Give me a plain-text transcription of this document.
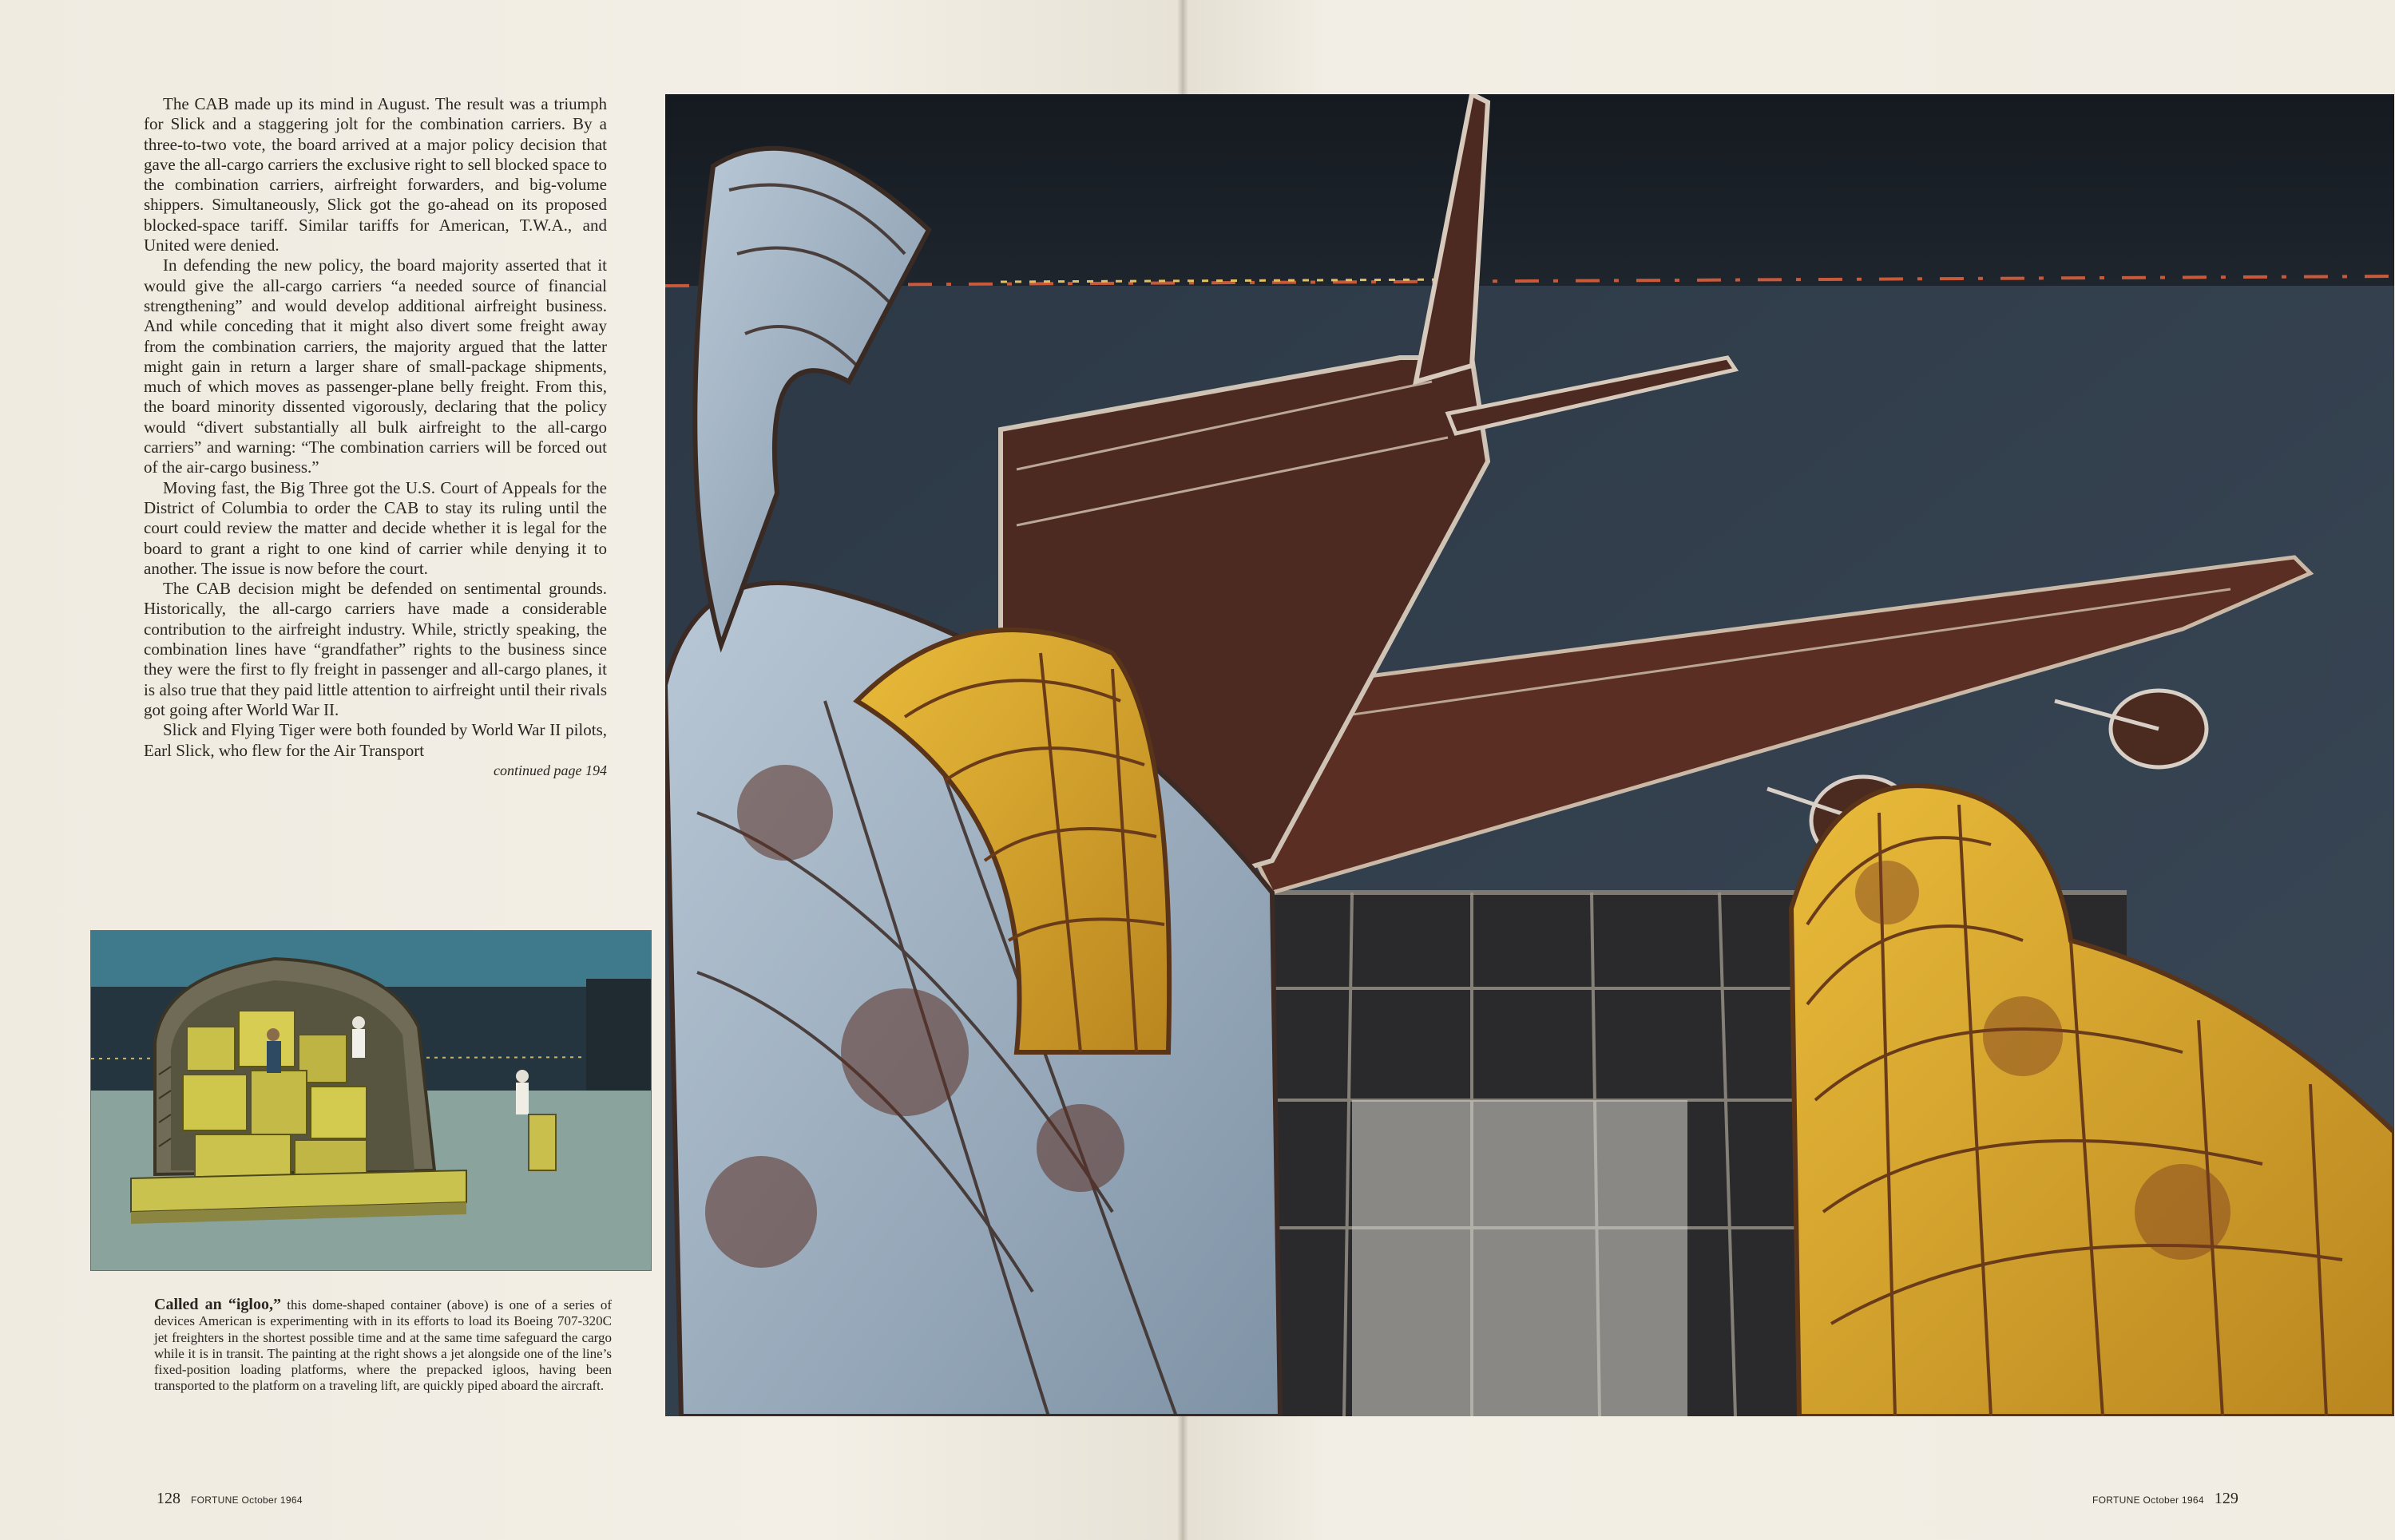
The CAB made up its mind in August. The result was a triumph for Slick and a staggering jolt for the combination carriers. By a three-to-two vote, the board arrived at a major policy decision that gave the all-cargo carriers the exclusive right to sell blocked space to the combination carriers, airfreight forwarders, and big-volume shippers. Simultaneously, Slick got the go-ahead on its proposed blocked-space tariff. Similar tariffs for American, T.W.A., and United were denied.

In defending the new policy, the board majority asserted that it would give the all-cargo carriers “a needed source of financial strengthening” and would develop additional airfreight business. And while conceding that it might also divert some freight away from the combination carriers, the majority argued that the latter might gain in return a larger share of small-package shipments, much of which moves as passenger-plane belly freight. From this, the board minority dissented vigorously, declaring that the policy would “divert substantially all bulk airfreight to the all-cargo carriers” and warning: “The combination carriers will be forced out of the air-cargo business.”

Moving fast, the Big Three got the U.S. Court of Appeals for the District of Columbia to order the CAB to stay its ruling until the court could review the matter and decide whether it is legal for the board to grant a right to one kind of carrier while denying it to another. The issue is now before the court.

The CAB decision might be defended on sentimental grounds. Historically, the all-cargo carriers have made a considerable contribution to the airfreight industry. While, strictly speaking, the combination lines have “grandfather” rights to the business since they were the first to fly freight in passenger and all-cargo planes, it is also true that they paid little attention to airfreight until their rivals got going after World War II.

Slick and Flying Tiger were both founded by World War II pilots, Earl Slick, who flew for the Air Transport

continued page 194
Called an “igloo,” this dome-shaped container (above) is one of a series of devices American is experimenting with in its efforts to load its Boeing 707-320C jet freighters in the shortest possible time and at the same time safeguard the cargo while it is in transit. The painting at the right shows a jet alongside one of the line’s fixed-position loading platforms, where the prepacked igloos, having been transported to the platform on a traveling lift, are quickly piped aboard the aircraft.
128 FORTUNE October 1964	FORTUNE October 1964 129
